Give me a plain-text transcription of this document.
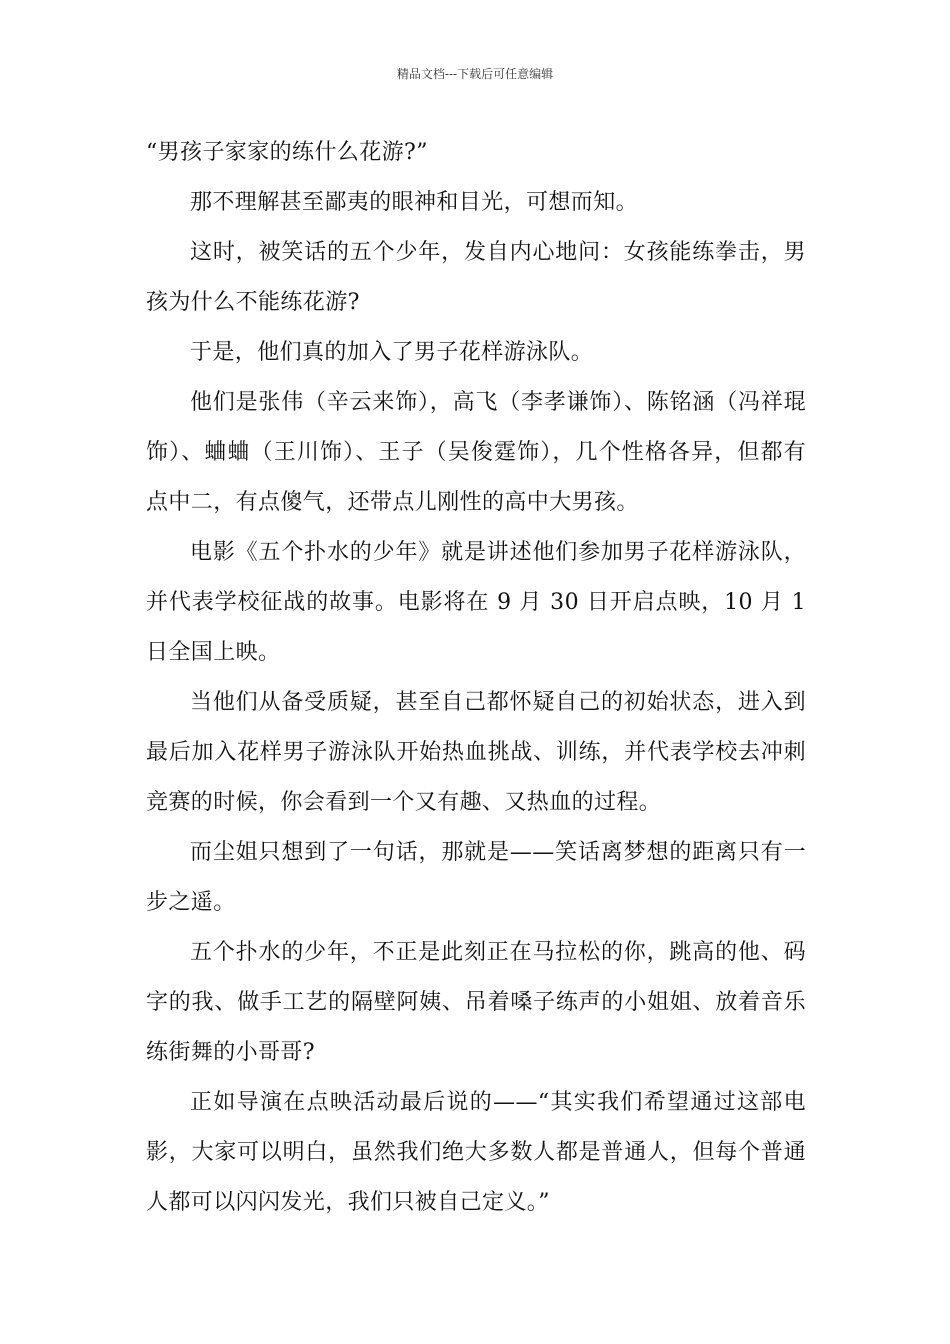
精品文档---下载后可任意编辑

“男孩子家家的练什么花游?”

那不理解甚至鄙夷的眼神和目光，可想而知。

这时，被笑话的五个少年，发自内心地问：女孩能练拳击，男孩为什么不能练花游?

于是，他们真的加入了男子花样游泳队。

他们是张伟（辛云来饰），高飞（李孝谦饰）、陈铭涵（冯祥琨饰）、蛐蛐（王川饰）、王子（吴俊霆饰），几个性格各异，但都有点中二，有点傻气，还带点儿刚性的高中大男孩。

电影《五个扑水的少年》就是讲述他们参加男子花样游泳队，并代表学校征战的故事。电影将在 9 月 30 日开启点映，10 月 1 日全国上映。

当他们从备受质疑，甚至自己都怀疑自己的初始状态，进入到最后加入花样男子游泳队开始热血挑战、训练，并代表学校去冲刺竞赛的时候，你会看到一个又有趣、又热血的过程。

而尘姐只想到了一句话，那就是——笑话离梦想的距离只有一步之遥。

五个扑水的少年，不正是此刻正在马拉松的你，跳高的他、码字的我、做手工艺的隔壁阿姨、吊着嗓子练声的小姐姐、放着音乐练街舞的小哥哥?

正如导演在点映活动最后说的——“其实我们希望通过这部电影，大家可以明白，虽然我们绝大多数人都是普通人，但每个普通人都可以闪闪发光，我们只被自己定义。”
